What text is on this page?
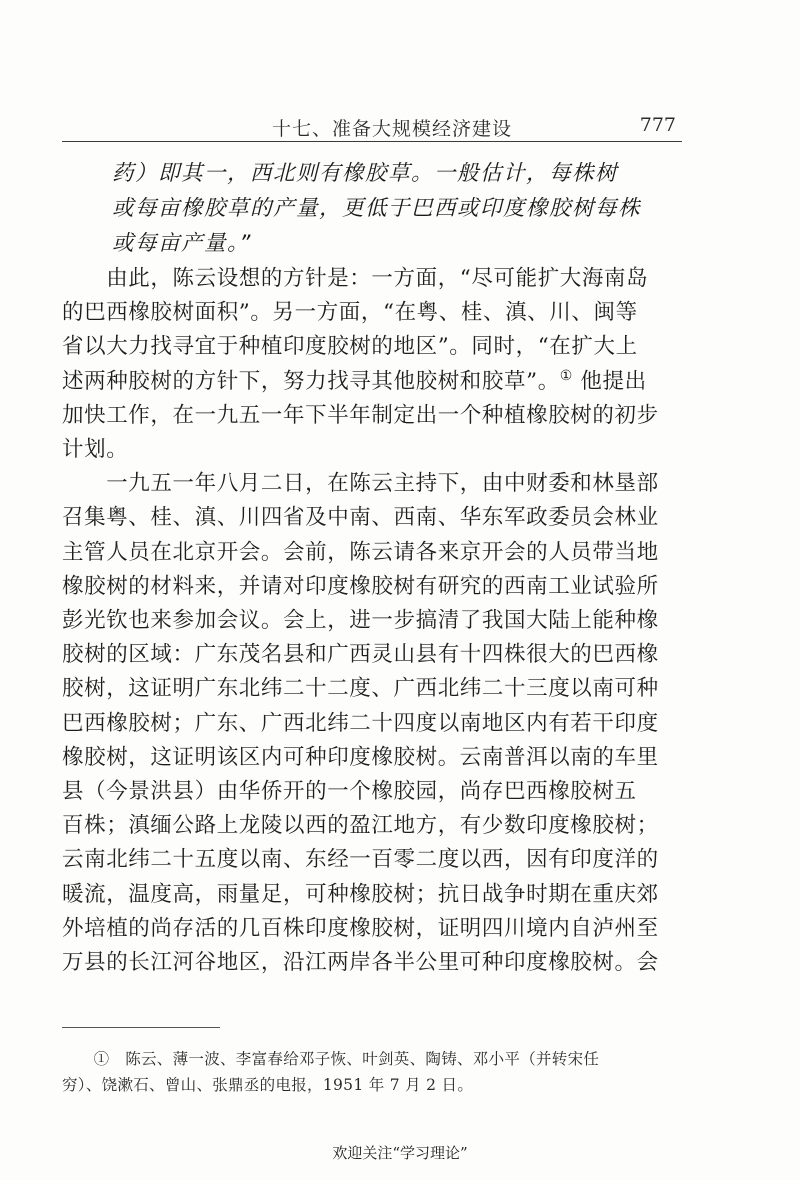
十七、准备大规模经济建设	777

药）即其一，西北则有橡胶草。一般估计，每株树

或每亩橡胶草的产量，更低于巴西或印度橡胶树每株

或每亩产量。”

　　由此，陈云设想的方针是：一方面，“尽可能扩大海南岛
的巴西橡胶树面积”。另一方面，“在粤、桂、滇、川、闽等
省以大力找寻宜于种植印度胶树的地区”。同时，“在扩大上
述两种胶树的方针下，努力找寻其他胶树和胶草”。① 他提出
加快工作，在一九五一年下半年制定出一个种植橡胶树的初步
计划。
　　一九五一年八月二日，在陈云主持下，由中财委和林垦部
召集粤、桂、滇、川四省及中南、西南、华东军政委员会林业
主管人员在北京开会。会前，陈云请各来京开会的人员带当地
橡胶树的材料来，并请对印度橡胶树有研究的西南工业试验所
彭光钦也来参加会议。会上，进一步搞清了我国大陆上能种橡
胶树的区域：广东茂名县和广西灵山县有十四株很大的巴西橡
胶树，这证明广东北纬二十二度、广西北纬二十三度以南可种
巴西橡胶树；广东、广西北纬二十四度以南地区内有若干印度
橡胶树，这证明该区内可种印度橡胶树。云南普洱以南的车里
县（今景洪县）由华侨开的一个橡胶园，尚存巴西橡胶树五
百株；滇缅公路上龙陵以西的盈江地方，有少数印度橡胶树；
云南北纬二十五度以南、东经一百零二度以西，因有印度洋的
暖流，温度高，雨量足，可种橡胶树；抗日战争时期在重庆郊
外培植的尚存活的几百株印度橡胶树，证明四川境内自泸州至
万县的长江河谷地区，沿江两岸各半公里可种印度橡胶树。会
　　①　陈云、薄一波、李富春给邓子恢、叶剑英、陶铸、邓小平（并转宋任
穷）、饶漱石、曾山、张鼎丞的电报，1951 年 7 月 2 日。
欢迎关注“学习理论”
